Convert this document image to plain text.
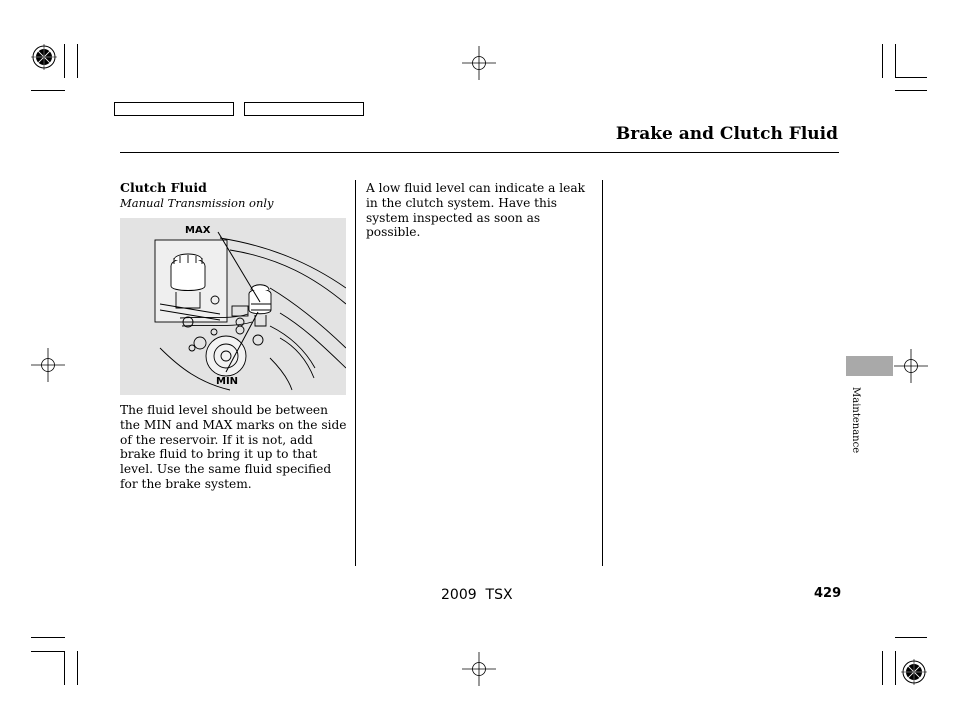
Brake and Clutch Fluid
Clutch Fluid
Manual Transmission only
MAX
MIN
The fluid level should be between the MIN and MAX marks on the side of the reservoir. If it is not, add brake fluid to bring it up to that level. Use the same fluid specified for the brake system.
A low fluid level can indicate a leak in the clutch system. Have this system inspected as soon as possible.
Maintenance
2009  TSX	429
